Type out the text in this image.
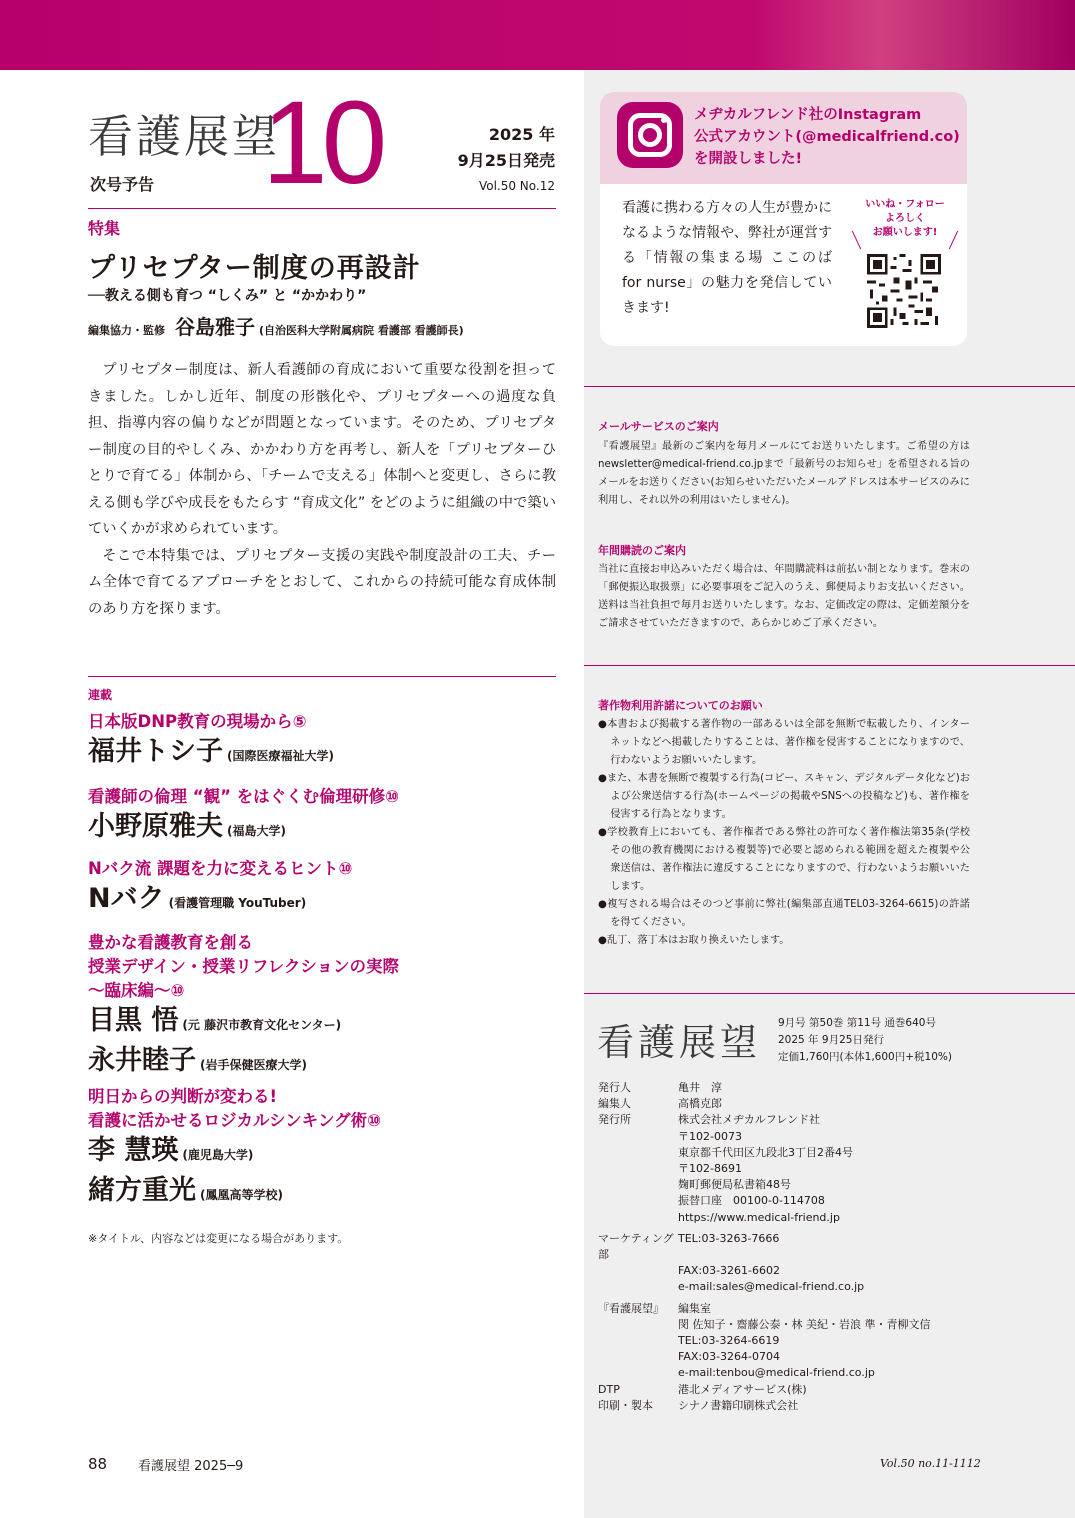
看護展望
次号予告 10	2025 年
9月25日発売
Vol.50 No.12
特集
プリセプター制度の再設計
──教える側も育つ “しくみ” と “かかわり”
編集協力・監修 谷島雅子 (自治医科大学附属病院 看護部 看護師長)

プリセプター制度は、新人看護師の育成において重要な役割を担ってきました。しかし近年、制度の形骸化や、プリセプターへの過度な負担、指導内容の偏りなどが問題となっています。そのため、プリセプター制度の目的やしくみ、かかわり方を再考し、新人を「プリセプターひとりで育てる」体制から、「チームで支える」体制へと変更し、さらに教える側も学びや成長をもたらす “育成文化” をどのように組織の中で築いていくかが求められています。

そこで本特集では、プリセプター支援の実践や制度設計の工夫、チーム全体で育てるアプローチをとおして、これからの持続可能な育成体制のあり方を探ります。

連載
日本版DNP教育の現場から⑤
福井トシ子 (国際医療福祉大学)
看護師の倫理 “観” をはぐくむ倫理研修⑩
小野原雅夫 (福島大学)
Nバク流 課題を力に変えるヒント⑩
Nバク (看護管理職 YouTuber)
豊かな看護教育を創る
授業デザイン・授業リフレクションの実際
～臨床編～⑩
目黒 悟 (元 藤沢市教育文化センター)
永井睦子 (岩手保健医療大学)
明日からの判断が変わる!
看護に活かせるロジカルシンキング術⑩
李 慧瑛 (鹿児島大学)
緒方重光 (鳳凰高等学校)
※タイトル、内容などは変更になる場合があります。
メヂカルフレンド社のInstagram
公式アカウント(@medicalfriend.co)
を開設しました!
看護に携わる方々の人生が豊かになるような情報や、弊社が運営する「情報の集まる場 ここのば for nurse」の魅力を発信していきます!
いいね・フォロー
よろしく
お願いします!
メールサービスのご案内
『看護展望』最新のご案内を毎月メールにてお送りいたします。ご希望の方はnewsletter@medical-friend.co.jpまで「最新号のお知らせ」を希望される旨のメールをお送りください(お知らせいただいたメールアドレスは本サービスのみに利用し、それ以外の利用はいたしません)。
年間購読のご案内
当社に直接お申込みいただく場合は、年間購読料は前払い制となります。巻末の「郵便振込取扱票」に必要事項をご記入のうえ、郵便局よりお支払いください。送料は当社負担で毎月お送りいたします。なお、定価改定の際は、定価差額分をご請求させていただきますので、あらかじめご了承ください。
著作物利用許諾についてのお願い
●本書および掲載する著作物の一部あるいは全部を無断で転載したり、インターネットなどへ掲載したりすることは、著作権を侵害することになりますので、行わないようお願いいたします。
●また、本書を無断で複製する行為(コピー、スキャン、デジタルデータ化など)および公衆送信する行為(ホームページの掲載やSNSへの投稿など)も、著作権を侵害する行為となります。
●学校教育上においても、著作権者である弊社の許可なく著作権法第35条(学校その他の教育機関における複製等)で必要と認められる範囲を超えた複製や公衆送信は、著作権法に違反することになりますので、行わないようお願いいたします。
●複写される場合はそのつど事前に弊社(編集部直通TEL03-3264-6615)の許諾を得てください。
●乱丁、落丁本はお取り換えいたします。
看護展望 9月号 第50巻 第11号 通巻640号
2025 年 9月25日発行
定価1,760円(本体1,600円+税10%)
発行人	亀井　淳
編集人	高橋克郎
発行所	株式会社メヂカルフレンド社
〒102-0073
東京都千代田区九段北3丁目2番4号
〒102-8691
麹町郵便局私書箱48号
振替口座　00100-0-114708
https://www.medical-friend.jp
マーケティング部
TEL:03-3263-7666
FAX:03-3261-6602
e-mail:sales@medical-friend.co.jp
『看護展望』	編集室
閔 佐知子・齋藤公泰・林 美紀・岩浪 準・青柳文信
TEL:03-3264-6619
FAX:03-3264-0704
e-mail:tenbou@medical-friend.co.jp
DTP	港北メディアサービス(株)
印刷・製本	シナノ書籍印刷株式会社
88 看護展望 2025─9	Vol.50 no.11-1112
